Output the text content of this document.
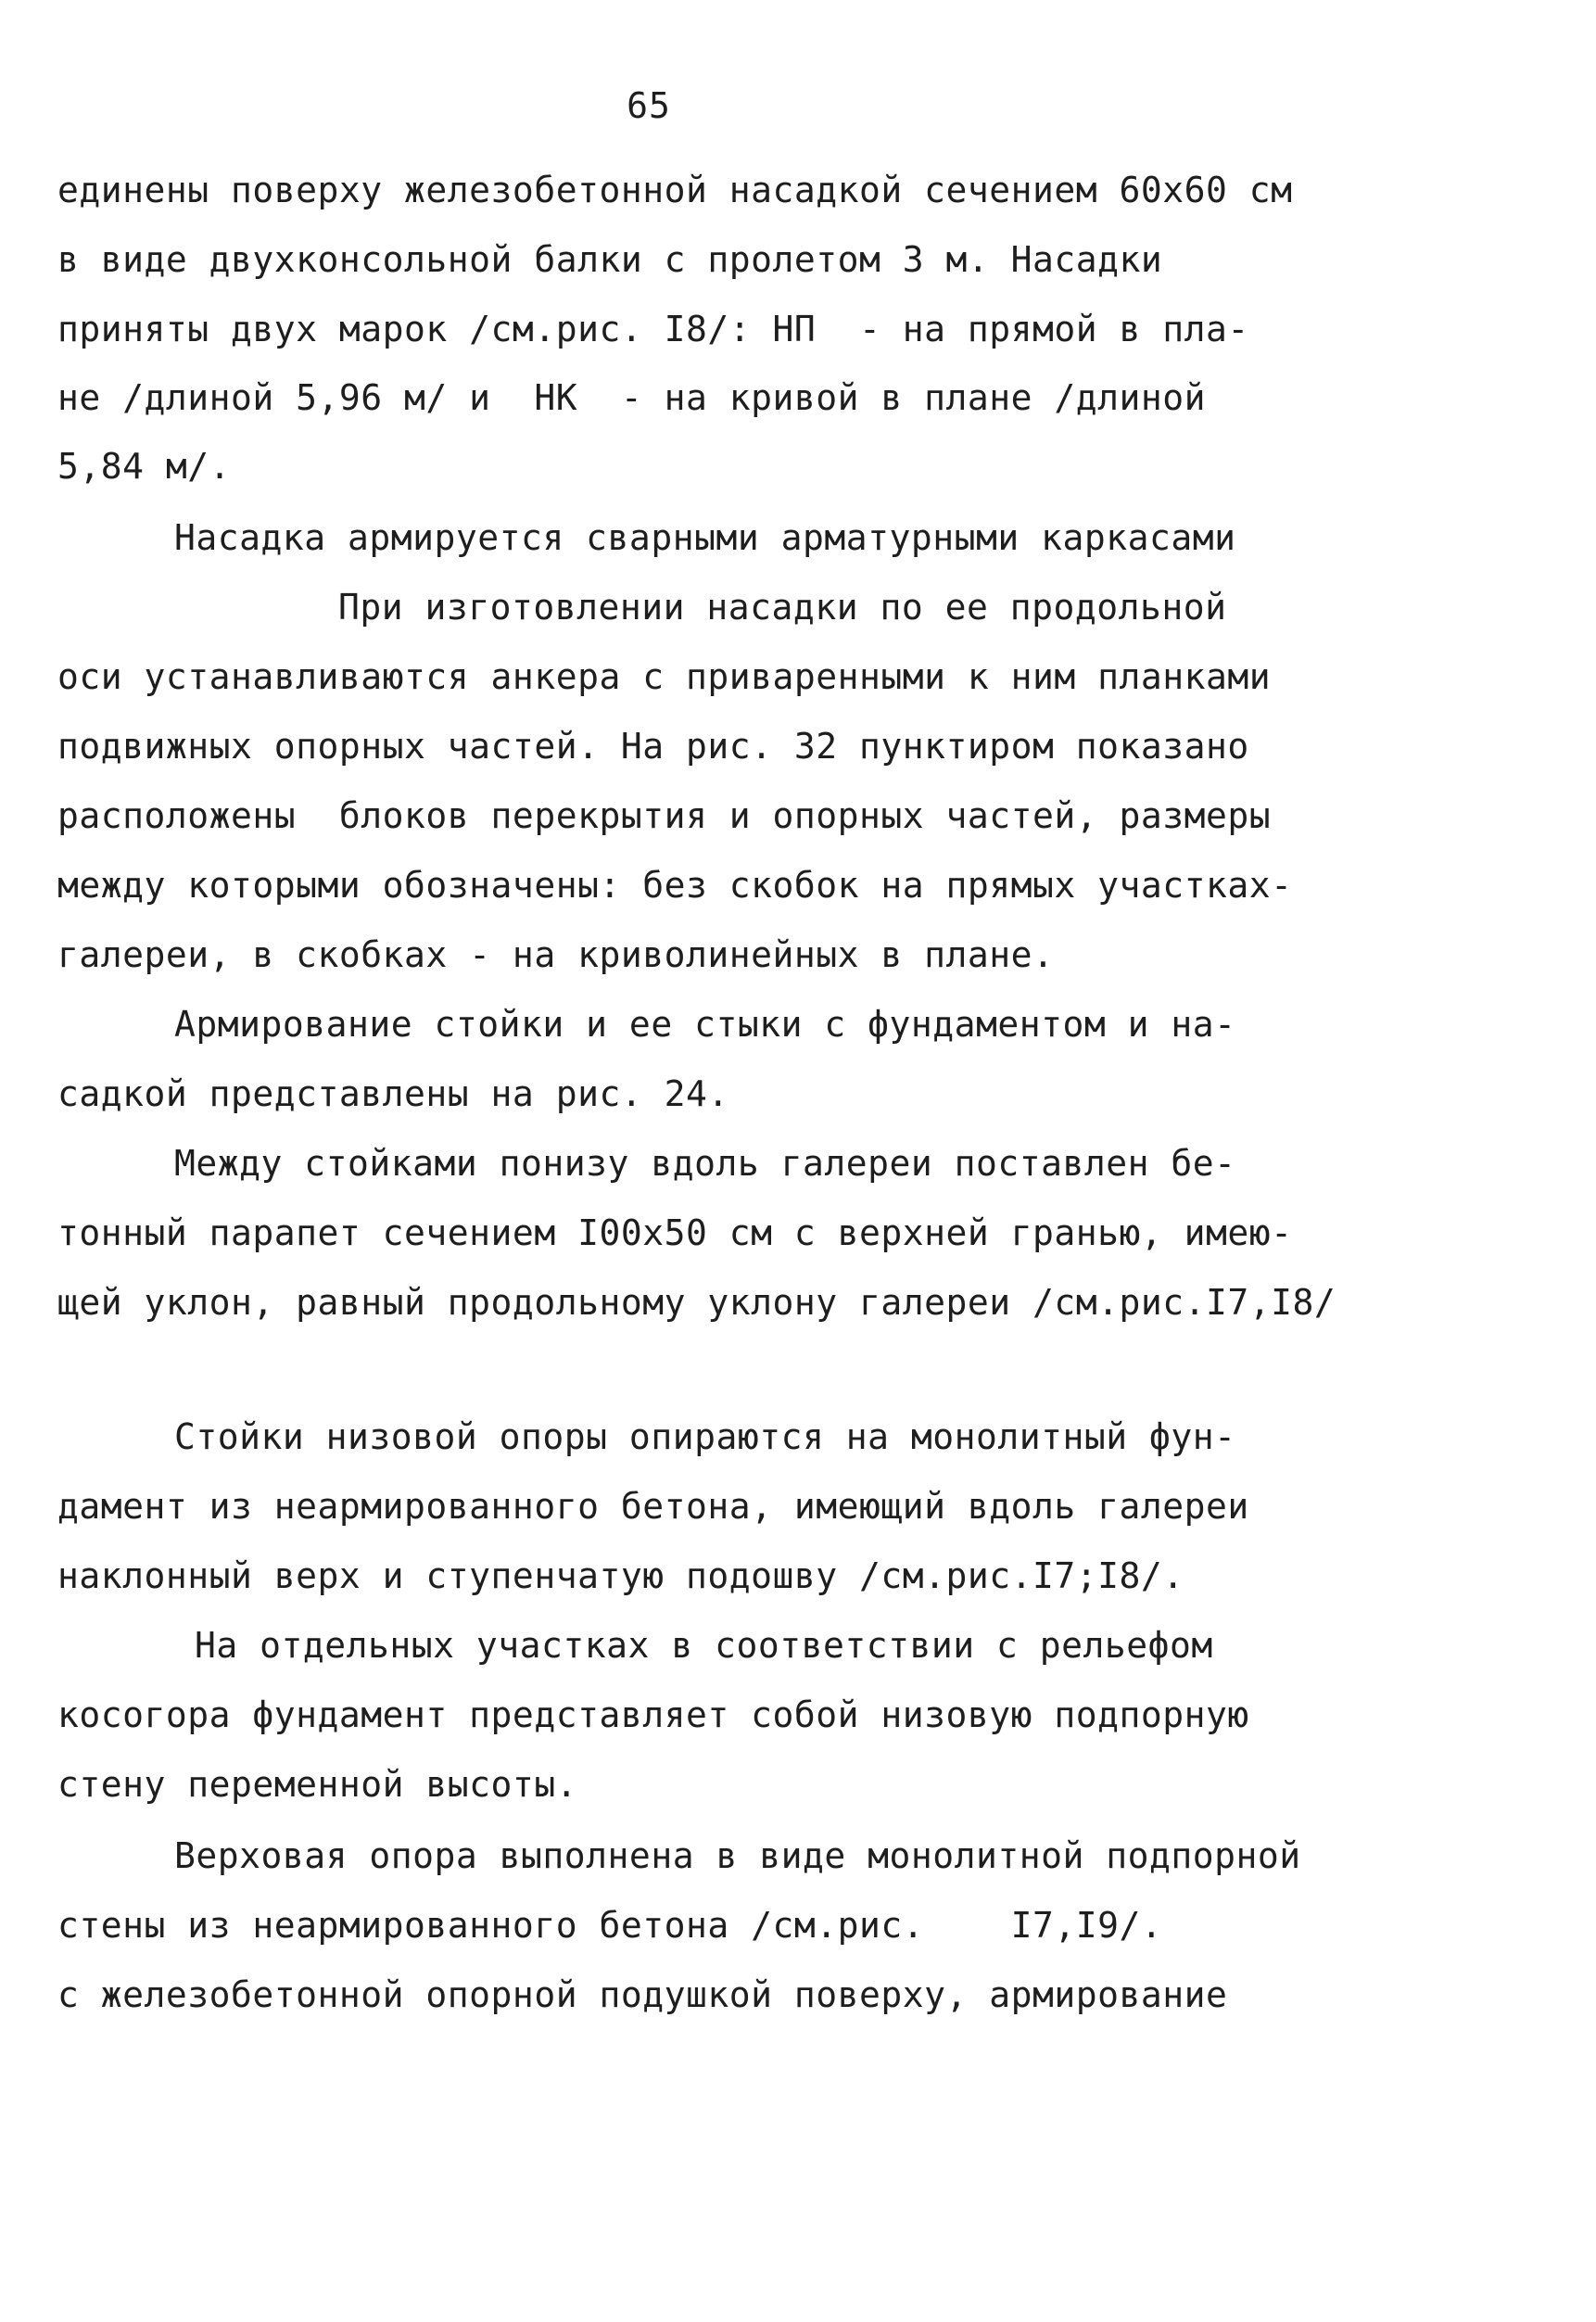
65
единены поверху железобетонной насадкой сечением 60x60 см
в виде двухконсольной балки с пролетом 3 м. Насадки
приняты двух марок /см.рис. I8/: НП  - на прямой в пла-
не /длиной 5,96 м/ и  НК  - на кривой в плане /длиной
5,84 м/.
Насадка армируется сварными арматурными каркасами
При изготовлении насадки по ее продольной
оси устанавливаются анкера с приваренными к ним планками
подвижных опорных частей. На рис. 32 пунктиром показано
расположены  блоков перекрытия и опорных частей, размеры
между которыми обозначены: без скобок на прямых участках-
галереи, в скобках - на криволинейных в плане.
Армирование стойки и ее стыки с фундаментом и на-
садкой представлены на рис. 24.
Между стойками понизу вдоль галереи поставлен бе-
тонный парапет сечением I00x50 см с верхней гранью, имею-
щей уклон, равный продольному уклону галереи /см.рис.I7,I8/
Стойки низовой опоры опираются на монолитный фун-
дамент из неармированного бетона, имеющий вдоль галереи
наклонный верх и ступенчатую подошву /см.рис.I7;I8/.
На отдельных участках в соответствии с рельефом
косогора фундамент представляет собой низовую подпорную
стену переменной высоты.
Верховая опора выполнена в виде монолитной подпорной
стены из неармированного бетона /см.рис.    I7,I9/.
с железобетонной опорной подушкой поверху, армирование
